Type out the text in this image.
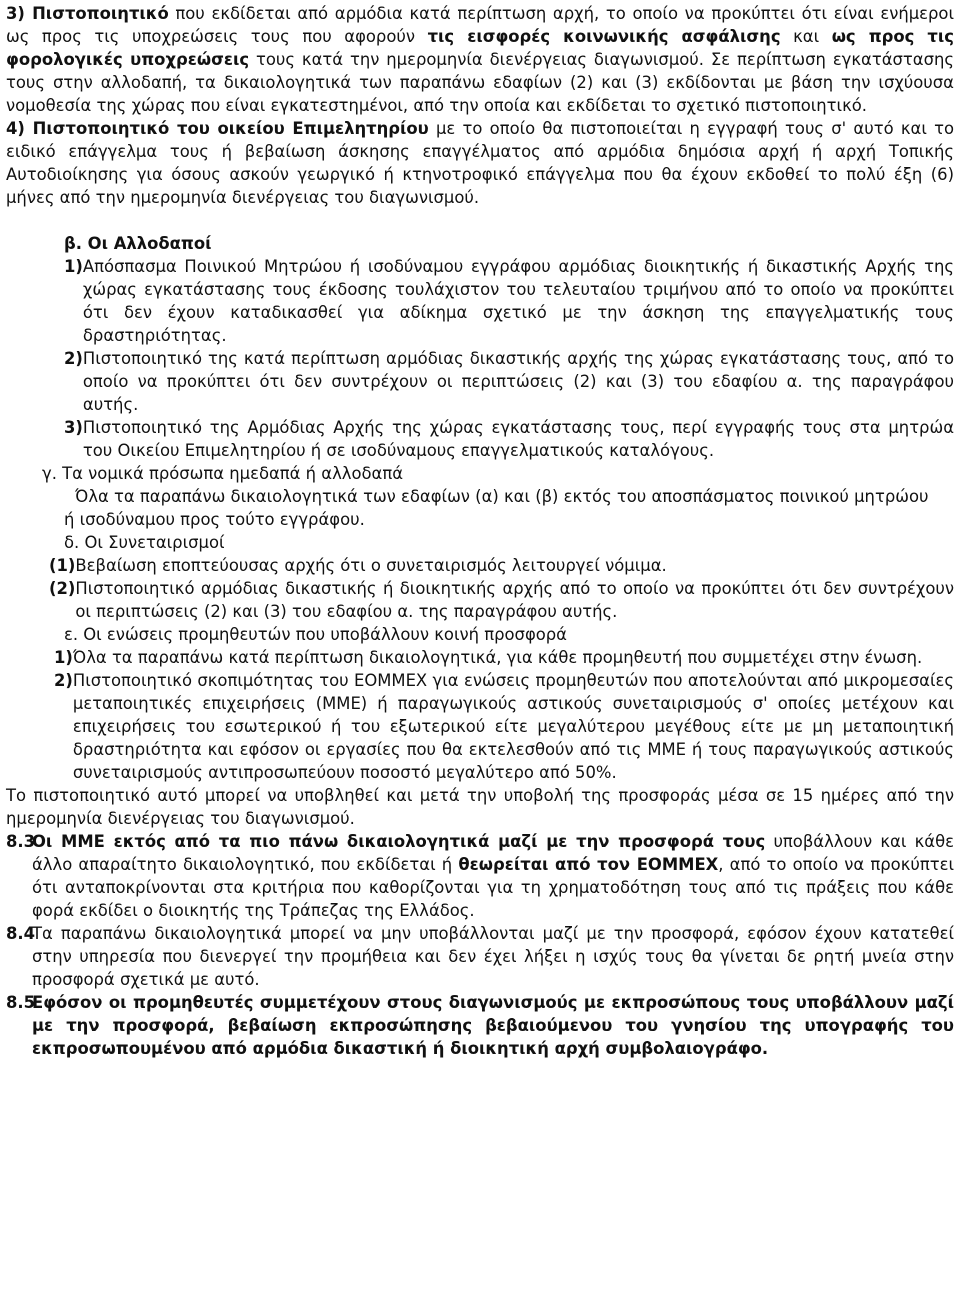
3) Πιστοποιητικό που εκδίδεται από αρμόδια κατά περίπτωση αρχή, το οποίο να προκύπτει ότι είναι ενήμεροι ως προς τις υποχρεώσεις τους που αφορούν τις εισφορές κοινωνικής ασφάλισης και ως προς τις φορολογικές υποχρεώσεις τους κατά την ημερομηνία διενέργειας διαγωνισμού. Σε περίπτωση εγκατάστασης τους στην αλλοδαπή, τα δικαιολογητικά των παραπάνω εδαφίων (2) και (3) εκδίδονται με βάση την ισχύουσα νομοθεσία της χώρας που είναι εγκατεστημένοι, από την οποία και εκδίδεται το σχετικό πιστοποιητικό.

4) Πιστοποιητικό του οικείου Επιμελητηρίου με το οποίο θα πιστοποιείται η εγγραφή τους σ' αυτό και το ειδικό επάγγελμα τους ή βεβαίωση άσκησης επαγγέλματος από αρμόδια δημόσια αρχή ή αρχή Τοπικής Αυτοδιοίκησης για όσους ασκούν γεωργικό ή κτηνοτροφικό επάγγελμα που θα έχουν εκδοθεί το πολύ έξη (6) μήνες από την ημερομηνία διενέργειας του διαγωνισμού.

β. Οι Αλλοδαποί

1) Απόσπασμα Ποινικού Μητρώου ή ισοδύναμου εγγράφου αρμόδιας διοικητικής ή δικαστικής Αρχής της χώρας εγκατάστασης τους έκδοσης τουλάχιστον του τελευταίου τριμήνου από το οποίο να προκύπτει ότι δεν έχουν καταδικασθεί για αδίκημα σχετικό με την άσκηση της επαγγελματικής τους δραστηριότητας.
2) Πιστοποιητικό της κατά περίπτωση αρμόδιας δικαστικής αρχής της χώρας εγκατάστασης τους, από το οποίο να προκύπτει ότι δεν συντρέχουν οι περιπτώσεις (2) και (3) του εδαφίου α. της παραγράφου αυτής.
3) Πιστοποιητικό της Αρμόδιας Αρχής της χώρας εγκατάστασης τους, περί εγγραφής τους στα μητρώα του Οικείου Επιμελητηρίου ή σε ισοδύναμους επαγγελματικούς καταλόγους.

γ. Τα νομικά πρόσωπα ημεδαπά ή αλλοδαπά

Όλα τα παραπάνω δικαιολογητικά των εδαφίων (α) και (β) εκτός του αποσπάσματος ποινικού μητρώου

ή ισοδύναμου προς τούτο εγγράφου.

δ. Οι Συνεταιρισμοί

(1) Βεβαίωση εποπτεύουσας αρχής ότι ο συνεταιρισμός λειτουργεί νόμιμα.
(2) Πιστοποιητικό αρμόδιας δικαστικής ή διοικητικής αρχής από το οποίο να προκύπτει ότι δεν συντρέχουν οι περιπτώσεις (2) και (3) του εδαφίου α. της παραγράφου αυτής.

ε. Οι ενώσεις προμηθευτών που υποβάλλουν κοινή προσφορά

1) Όλα τα παραπάνω κατά περίπτωση δικαιολογητικά, για κάθε προμηθευτή που συμμετέχει στην ένωση.
2) Πιστοποιητικό σκοπιμότητας του ΕΟΜΜΕΧ για ενώσεις προμηθευτών που αποτελούνται από μικρομεσαίες μεταποιητικές επιχειρήσεις (ΜΜΕ) ή παραγωγικούς αστικούς συνεταιρισμούς σ' οποίες μετέχουν και επιχειρήσεις του εσωτερικού ή του εξωτερικού είτε μεγαλύτερου μεγέθους είτε με μη μεταποιητική δραστηριότητα και εφόσον οι εργασίες που θα εκτελεσθούν από τις ΜΜΕ ή τους παραγωγικούς αστικούς συνεταιρισμούς αντιπροσωπεύουν ποσοστό μεγαλύτερο από 50%.

Το πιστοποιητικό αυτό μπορεί να υποβληθεί και μετά την υποβολή της προσφοράς μέσα σε 15 ημέρες από την ημερομηνία διενέργειας του διαγωνισμού.

8.3
Οι ΜΜΕ εκτός από τα πιο πάνω δικαιολογητικά μαζί με την προσφορά τους υποβάλλουν και κάθε άλλο απαραίτητο δικαιολογητικό, που εκδίδεται ή θεωρείται από τον ΕΟΜΜΕΧ, από το οποίο να προκύπτει ότι ανταποκρίνονται στα κριτήρια που καθορίζονται για τη χρηματοδότηση τους από τις πράξεις που κάθε φορά εκδίδει ο διοικητής της Τράπεζας της Ελλάδος.
8.4
Τα παραπάνω δικαιολογητικά μπορεί να μην υποβάλλονται μαζί με την προσφορά, εφόσον έχουν κατατεθεί στην υπηρεσία που διενεργεί την προμήθεια και δεν έχει λήξει η ισχύς τους θα γίνεται δε ρητή μνεία στην προσφορά σχετικά με αυτό.
8.5
Εφόσον οι προμηθευτές συμμετέχουν στους διαγωνισμούς με εκπροσώπους τους υποβάλλουν μαζί με την προσφορά, βεβαίωση εκπροσώπησης βεβαιούμενου του γνησίου της υπογραφής του εκπροσωπουμένου από αρμόδια δικαστική ή διοικητική αρχή συμβολαιογράφο.
